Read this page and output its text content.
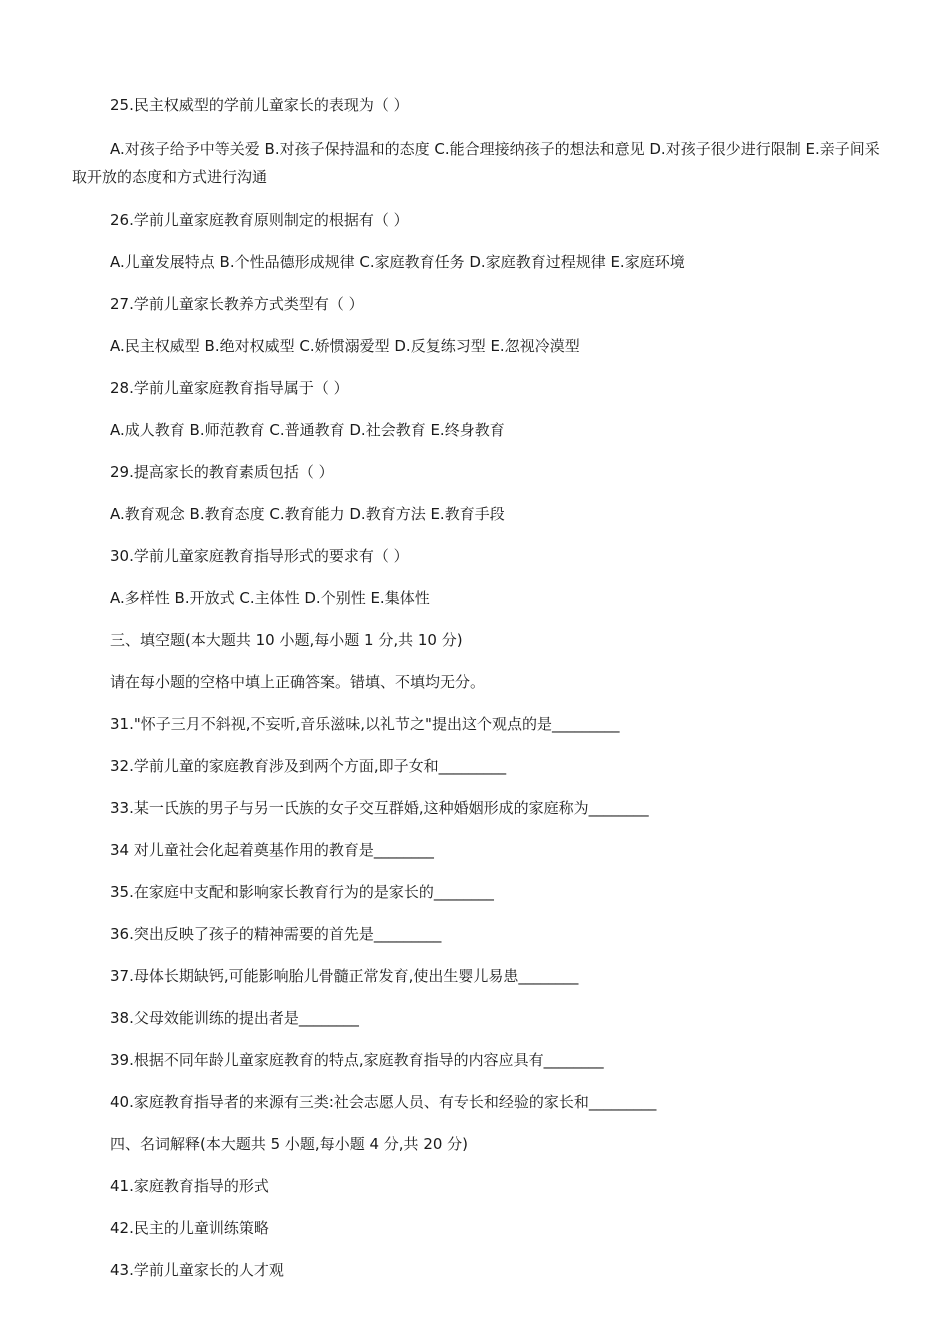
25.民主权威型的学前儿童家长的表现为（ ）
A.对孩子给予中等关爱 B.对孩子保持温和的态度 C.能合理接纳孩子的想法和意见 D.对孩子很少进行限制 E.亲子间采取开放的态度和方式进行沟通
26.学前儿童家庭教育原则制定的根据有（ ）
A.儿童发展特点 B.个性品德形成规律 C.家庭教育任务 D.家庭教育过程规律 E.家庭环境
27.学前儿童家长教养方式类型有（ ）
A.民主权威型 B.绝对权威型 C.娇惯溺爱型 D.反复练习型 E.忽视冷漠型
28.学前儿童家庭教育指导属于（ ）
A.成人教育 B.师范教育 C.普通教育 D.社会教育 E.终身教育
29.提高家长的教育素质包括（ ）
A.教育观念 B.教育态度 C.教育能力 D.教育方法 E.教育手段
30.学前儿童家庭教育指导形式的要求有（ ）
A.多样性 B.开放式 C.主体性 D.个别性 E.集体性
三、填空题(本大题共 10 小题,每小题 1 分,共 10 分)
请在每小题的空格中填上正确答案。错填、不填均无分。
31."怀子三月不斜视,不妄听,音乐滋味,以礼节之"提出这个观点的是_________
32.学前儿童的家庭教育涉及到两个方面,即子女和_________
33.某一氏族的男子与另一氏族的女子交互群婚,这种婚姻形成的家庭称为________
34 对儿童社会化起着奠基作用的教育是________
35.在家庭中支配和影响家长教育行为的是家长的________
36.突出反映了孩子的精神需要的首先是_________
37.母体长期缺钙,可能影响胎儿骨髓正常发育,使出生婴儿易患________
38.父母效能训练的提出者是________
39.根据不同年龄儿童家庭教育的特点,家庭教育指导的内容应具有________
40.家庭教育指导者的来源有三类:社会志愿人员、有专长和经验的家长和_________
四、名词解释(本大题共 5 小题,每小题 4 分,共 20 分)
41.家庭教育指导的形式
42.民主的儿童训练策略
43.学前儿童家长的人才观
